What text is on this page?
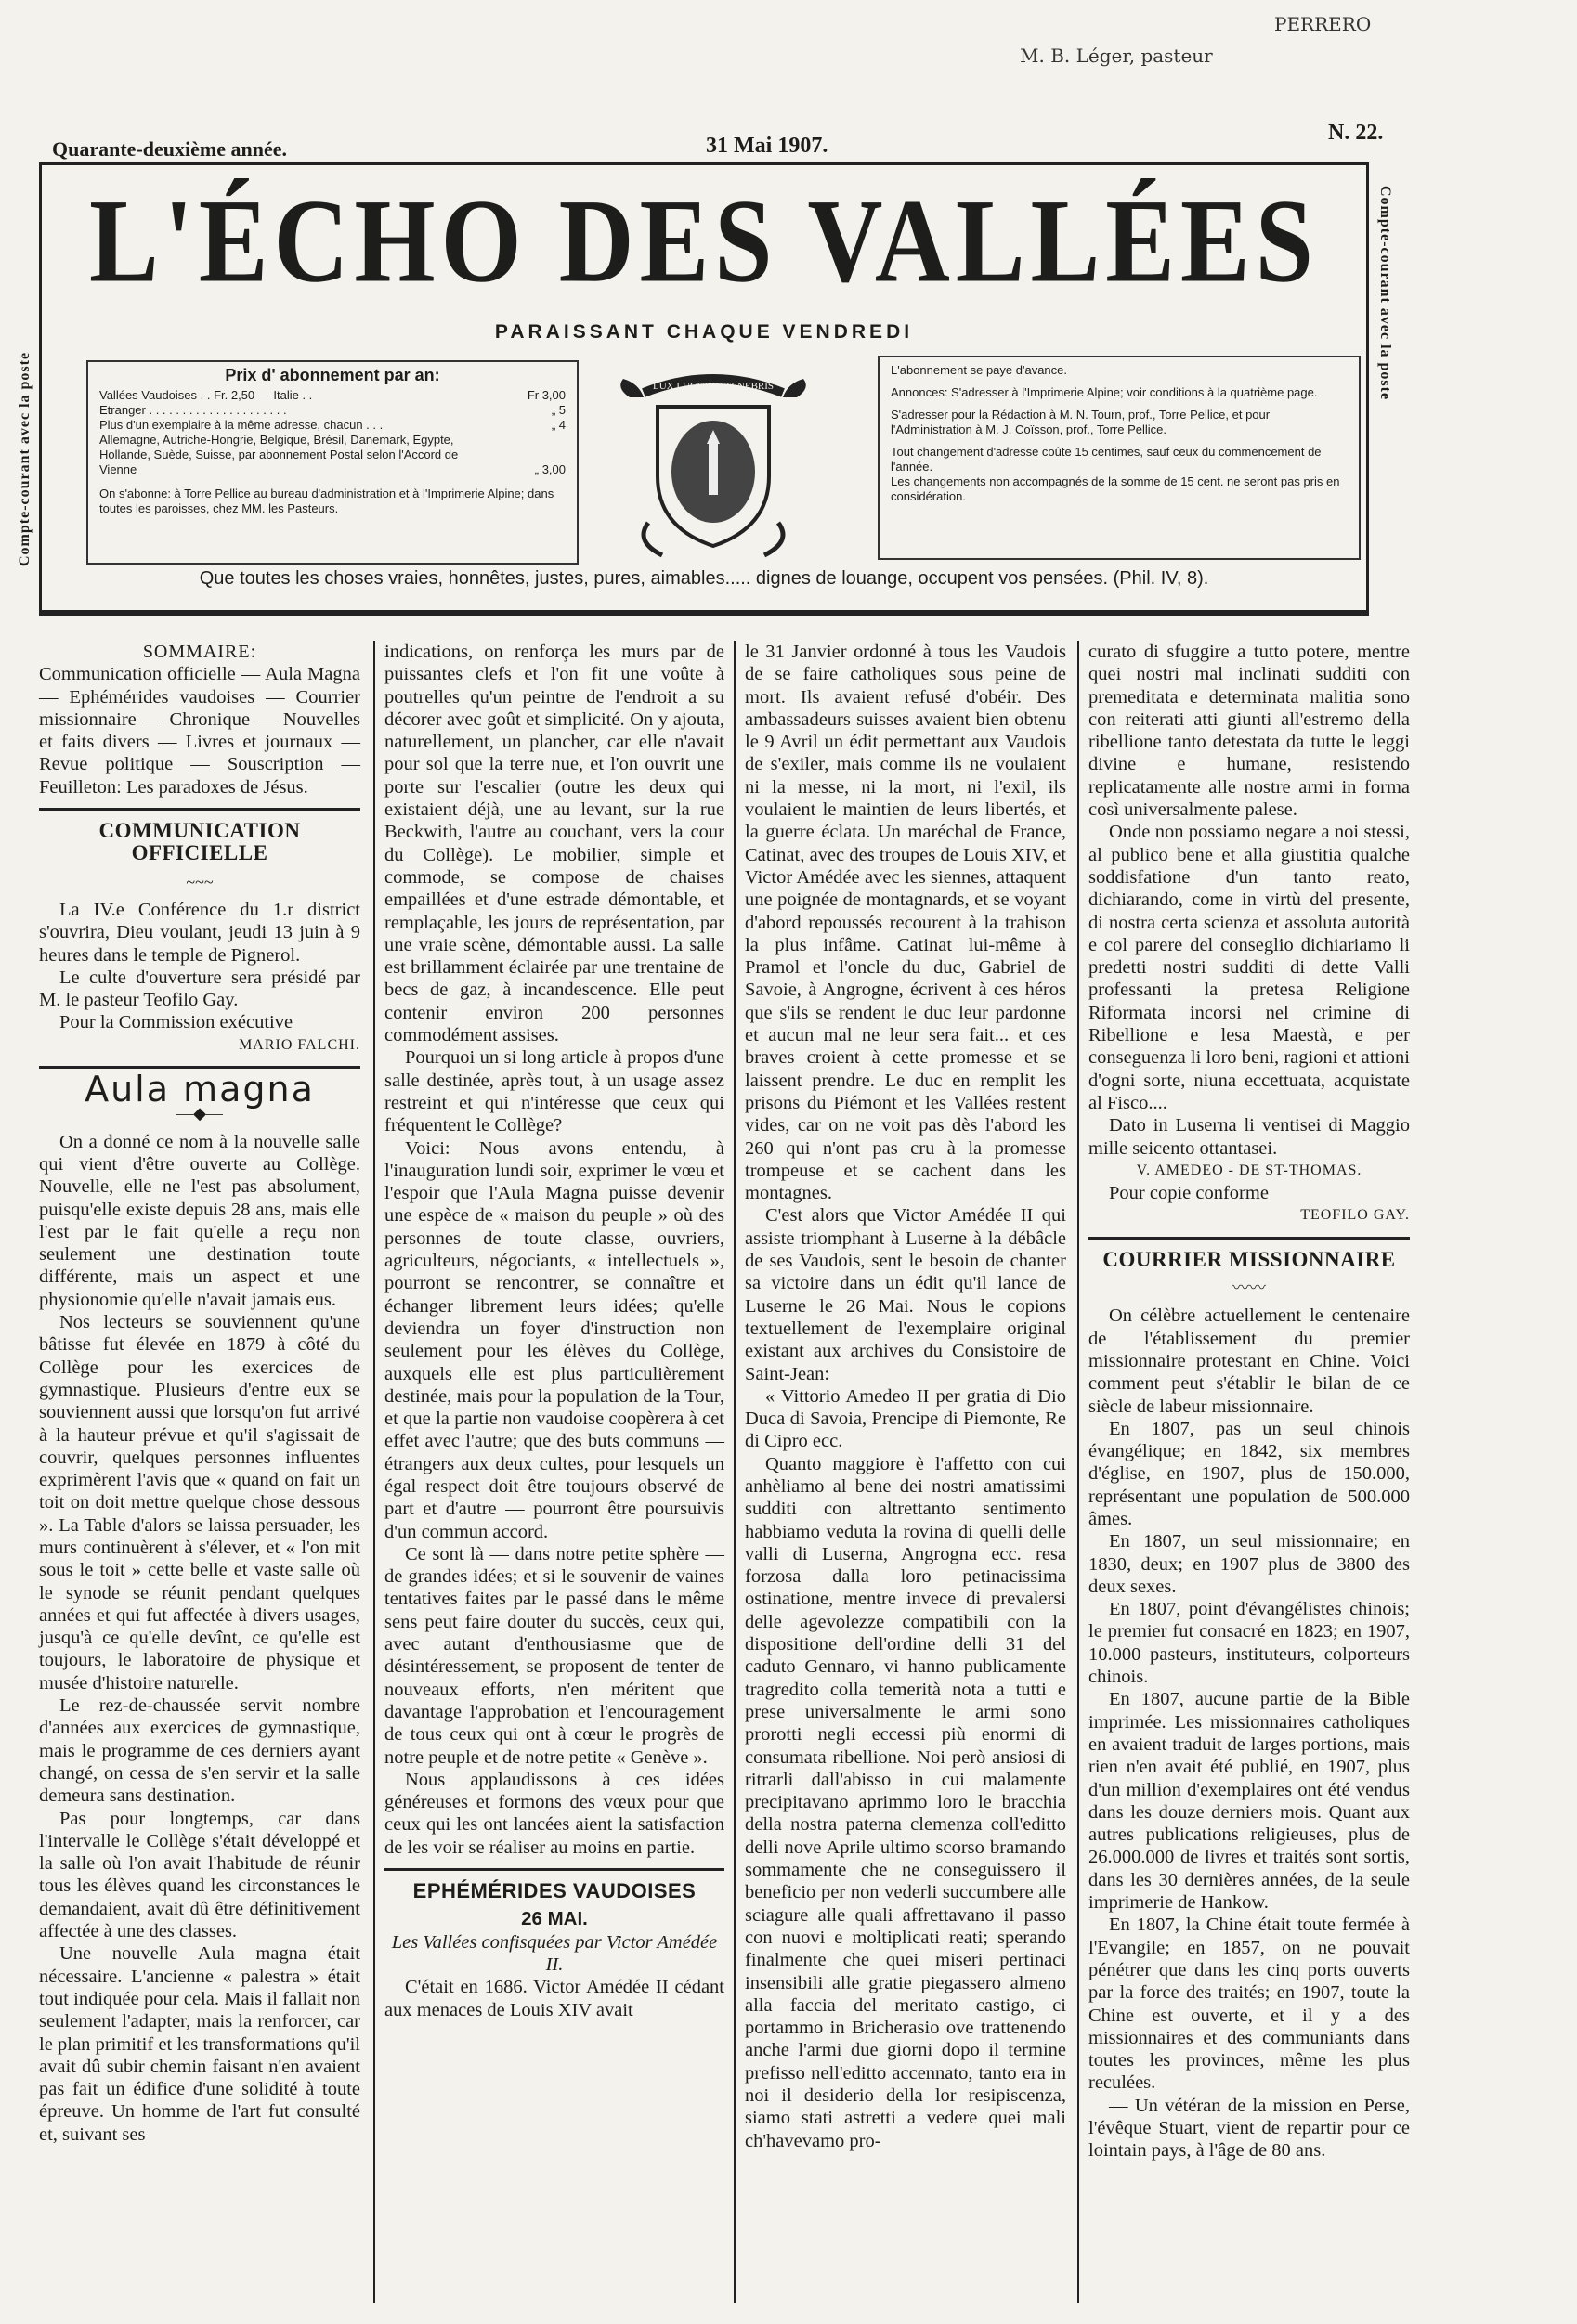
M. B. Léger, pasteur
PERRERO
Quarante-deuxième année.	31 Mai 1907.
N. 22.
Compte-courant avec la poste
Compte-courant avec la poste
L'ÉCHO DES VALLÉES
PARAISSANT CHAQUE VENDREDI
Prix d' abonnement par an:
Vallées Vaudoises . . Fr. 2,50 — Italie . .	Fr 3,00
Etranger . . . . . . . . . . . . . . . . . . . . .	„ 5
Plus d'un exemplaire à la même adresse, chacun . . .	„ 4
Allemagne, Autriche-Hongrie, Belgique, Brésil, Danemark, Egypte, Hollande, Suède, Suisse, par abonnement Postal selon l'Accord de Vienne	„ 3,00
On s'abonne: à Torre Pellice au bureau d'administration et à l'Imprimerie Alpine; dans toutes les paroisses, chez MM. les Pasteurs.
LUX LUCET IN TENEBRIS
L'abonnement se paye d'avance.
Annonces: S'adresser à l'Imprimerie Alpine; voir conditions à la quatrième page.
S'adresser pour la Rédaction à M. N. Tourn, prof., Torre Pellice, et pour l'Administration à M. J. Coïsson, prof., Torre Pellice.
Tout changement d'adresse coûte 15 centimes, sauf ceux du commencement de l'année.
Les changements non accompagnés de la somme de 15 cent. ne seront pas pris en considération.
Que toutes les choses vraies, honnêtes, justes, pures, aimables..... dignes de louange, occupent vos pensées. (Phil. IV, 8).
SOMMAIRE:
Communication officielle — Aula Magna — Ephémérides vaudoises — Courrier missionnaire — Chronique — Nouvelles et faits divers — Livres et journaux — Revue politique — Souscription — Feuilleton: Les paradoxes de Jésus.
COMMUNICATION OFFICIELLE
~~~

La IV.e Conférence du 1.r district s'ouvrira, Dieu voulant, jeudi 13 juin à 9 heures dans le temple de Pignerol.

Le culte d'ouverture sera présidé par M. le pasteur Teofilo Gay.

Pour la Commission exécutive

MARIO FALCHI.

Aula magna
—◆—

On a donné ce nom à la nouvelle salle qui vient d'être ouverte au Collège. Nouvelle, elle ne l'est pas absolument, puisqu'elle existe depuis 28 ans, mais elle l'est par le fait qu'elle a reçu non seulement une destination toute différente, mais un aspect et une physionomie qu'elle n'avait jamais eus.

Nos lecteurs se souviennent qu'une bâtisse fut élevée en 1879 à côté du Collège pour les exercices de gymnastique. Plusieurs d'entre eux se souviennent aussi que lorsqu'on fut arrivé à la hauteur prévue et qu'il s'agissait de couvrir, quelques personnes influentes exprimèrent l'avis que « quand on fait un toit on doit mettre quelque chose dessous ». La Table d'alors se laissa persuader, les murs continuèrent à s'élever, et « l'on mit sous le toit » cette belle et vaste salle où le synode se réunit pendant quelques années et qui fut affectée à divers usages, jusqu'à ce qu'elle devînt, ce qu'elle est toujours, le laboratoire de physique et musée d'histoire naturelle.

Le rez-de-chaussée servit nombre d'années aux exercices de gymnastique, mais le programme de ces derniers ayant changé, on cessa de s'en servir et la salle demeura sans destination.

Pas pour longtemps, car dans l'intervalle le Collège s'était développé et la salle où l'on avait l'habitude de réunir tous les élèves quand les circonstances le demandaient, avait dû être définitivement affectée à une des classes.

Une nouvelle Aula magna était nécessaire. L'ancienne « palestra » était tout indiquée pour cela. Mais il fallait non seulement l'adapter, mais la renforcer, car le plan primitif et les transformations qu'il avait dû subir chemin faisant n'en avaient pas fait un édifice d'une solidité à toute épreuve. Un homme de l'art fut consulté et, suivant ses

indications, on renforça les murs par de puissantes clefs et l'on fit une voûte à poutrelles qu'un peintre de l'endroit a su décorer avec goût et simplicité. On y ajouta, naturellement, un plancher, car elle n'avait pour sol que la terre nue, et l'on ouvrit une porte sur l'escalier (outre les deux qui existaient déjà, une au levant, sur la rue Beckwith, l'autre au couchant, vers la cour du Collège). Le mobilier, simple et commode, se compose de chaises empaillées et d'une estrade démontable, et remplaçable, les jours de représentation, par une vraie scène, démontable aussi. La salle est brillamment éclairée par une trentaine de becs de gaz, à incandescence. Elle peut contenir environ 200 personnes commodément assises.

Pourquoi un si long article à propos d'une salle destinée, après tout, à un usage assez restreint et qui n'intéresse que ceux qui fréquentent le Collège?

Voici: Nous avons entendu, à l'inauguration lundi soir, exprimer le vœu et l'espoir que l'Aula Magna puisse devenir une espèce de « maison du peuple » où des personnes de toute classe, ouvriers, agriculteurs, négociants, « intellectuels », pourront se rencontrer, se connaître et échanger librement leurs idées; qu'elle deviendra un foyer d'instruction non seulement pour les élèves du Collège, auxquels elle est plus particulièrement destinée, mais pour la population de la Tour, et que la partie non vaudoise coopèrera à cet effet avec l'autre; que des buts communs — étrangers aux deux cultes, pour lesquels un égal respect doit être toujours observé de part et d'autre — pourront être poursuivis d'un commun accord.

Ce sont là — dans notre petite sphère — de grandes idées; et si le souvenir de vaines tentatives faites par le passé dans le même sens peut faire douter du succès, ceux qui, avec autant d'enthousiasme que de désintéressement, se proposent de tenter de nouveaux efforts, n'en méritent que davantage l'approbation et l'encouragement de tous ceux qui ont à cœur le progrès de notre peuple et de notre petite « Genève ».

Nous applaudissons à ces idées généreuses et formons des vœux pour que ceux qui les ont lancées aient la satisfaction de les voir se réaliser au moins en partie.

EPHÉMÉRIDES VAUDOISES
26 MAI.
Les Vallées confisquées par Victor Amédée II.

C'était en 1686. Victor Amédée II cédant aux menaces de Louis XIV avait

le 31 Janvier ordonné à tous les Vaudois de se faire catholiques sous peine de mort. Ils avaient refusé d'obéir. Des ambassadeurs suisses avaient bien obtenu le 9 Avril un édit permettant aux Vaudois de s'exiler, mais comme ils ne voulaient ni la messe, ni la mort, ni l'exil, ils voulaient le maintien de leurs libertés, et la guerre éclata. Un maréchal de France, Catinat, avec des troupes de Louis XIV, et Victor Amédée avec les siennes, attaquent une poignée de montagnards, et se voyant d'abord repoussés recourent à la trahison la plus infâme. Catinat lui-même à Pramol et l'oncle du duc, Gabriel de Savoie, à Angrogne, écrivent à ces héros que s'ils se rendent le duc leur pardonne et aucun mal ne leur sera fait... et ces braves croient à cette promesse et se laissent prendre. Le duc en remplit les prisons du Piémont et les Vallées restent vides, car on ne voit pas dès l'abord les 260 qui n'ont pas cru à la promesse trompeuse et se cachent dans les montagnes.

C'est alors que Victor Amédée II qui assiste triomphant à Luserne à la débâcle de ses Vaudois, sent le besoin de chanter sa victoire dans un édit qu'il lance de Luserne le 26 Mai. Nous le copions textuellement de l'exemplaire original existant aux archives du Consistoire de Saint-Jean:

« Vittorio Amedeo II per gratia di Dio Duca di Savoia, Prencipe di Piemonte, Re di Cipro ecc.

Quanto maggiore è l'affetto con cui anhèliamo al bene dei nostri amatissimi sudditi con altrettanto sentimento habbiamo veduta la rovina di quelli delle valli di Luserna, Angrogna ecc. resa forzosa dalla loro petinacissima ostinatione, mentre invece di prevalersi delle agevolezze compatibili con la dispositione dell'ordine delli 31 del caduto Gennaro, vi hanno publicamente tragredito colla temerità nota a tutti e prese universalmente le armi sono prorotti negli eccessi più enormi di consumata ribellione. Noi però ansiosi di ritrarli dall'abisso in cui malamente precipitavano aprimmo loro le bracchia della nostra paterna clemenza coll'editto delli nove Aprile ultimo scorso bramando sommamente che ne conseguissero il beneficio per non vederli succumbere alle sciagure alle quali affrettavano il passo con nuovi e moltiplicati reati; sperando finalmente che quei miseri pertinaci insensibili alle gratie piegassero almeno alla faccia del meritato castigo, ci portammo in Bricherasio ove trattenendo anche l'armi due giorni dopo il termine prefisso nell'editto accennato, tanto era in noi il desiderio della lor resipiscenza, siamo stati astretti a vedere quei mali ch'havevamo pro-

curato di sfuggire a tutto potere, mentre quei nostri mal inclinati sudditi con premeditata e determinata malitia sono con reiterati atti giunti all'estremo della ribellione tanto detestata da tutte le leggi divine e humane, resistendo replicatamente alle nostre armi in forma così universalmente palese.

Onde non possiamo negare a noi stessi, al publico bene et alla giustitia qualche soddisfatione d'un tanto reato, dichiarando, come in virtù del presente, di nostra certa scienza et assoluta autorità e col parere del conseglio dichiariamo li predetti nostri sudditi di dette Valli professanti la pretesa Religione Riformata incorsi nel crimine di Ribellione e lesa Maestà, e per conseguenza li loro beni, ragioni et attioni d'ogni sorte, niuna eccettuata, acquistate al Fisco....

Dato in Luserna li ventisei di Maggio mille seicento ottantasei.

V. AMEDEO - DE ST-THOMAS.

Pour copie conforme

TEOFILO GAY.

COURRIER MISSIONNAIRE
〰〰

On célèbre actuellement le centenaire de l'établissement du premier missionnaire protestant en Chine. Voici comment peut s'établir le bilan de ce siècle de labeur missionnaire.

En 1807, pas un seul chinois évangélique; en 1842, six membres d'église, en 1907, plus de 150.000, représentant une population de 500.000 âmes.

En 1807, un seul missionnaire; en 1830, deux; en 1907 plus de 3800 des deux sexes.

En 1807, point d'évangélistes chinois; le premier fut consacré en 1823; en 1907, 10.000 pasteurs, instituteurs, colporteurs chinois.

En 1807, aucune partie de la Bible imprimée. Les missionnaires catholiques en avaient traduit de larges portions, mais rien n'en avait été publié, en 1907, plus d'un million d'exemplaires ont été vendus dans les douze derniers mois. Quant aux autres publications religieuses, plus de 26.000.000 de livres et traités sont sortis, dans les 30 dernières années, de la seule imprimerie de Hankow.

En 1807, la Chine était toute fermée à l'Evangile; en 1857, on ne pouvait pénétrer que dans les cinq ports ouverts par la force des traités; en 1907, toute la Chine est ouverte, et il y a des missionnaires et des communiants dans toutes les provinces, même les plus reculées.

— Un vétéran de la mission en Perse, l'évêque Stuart, vient de repartir pour ce lointain pays, à l'âge de 80 ans.
